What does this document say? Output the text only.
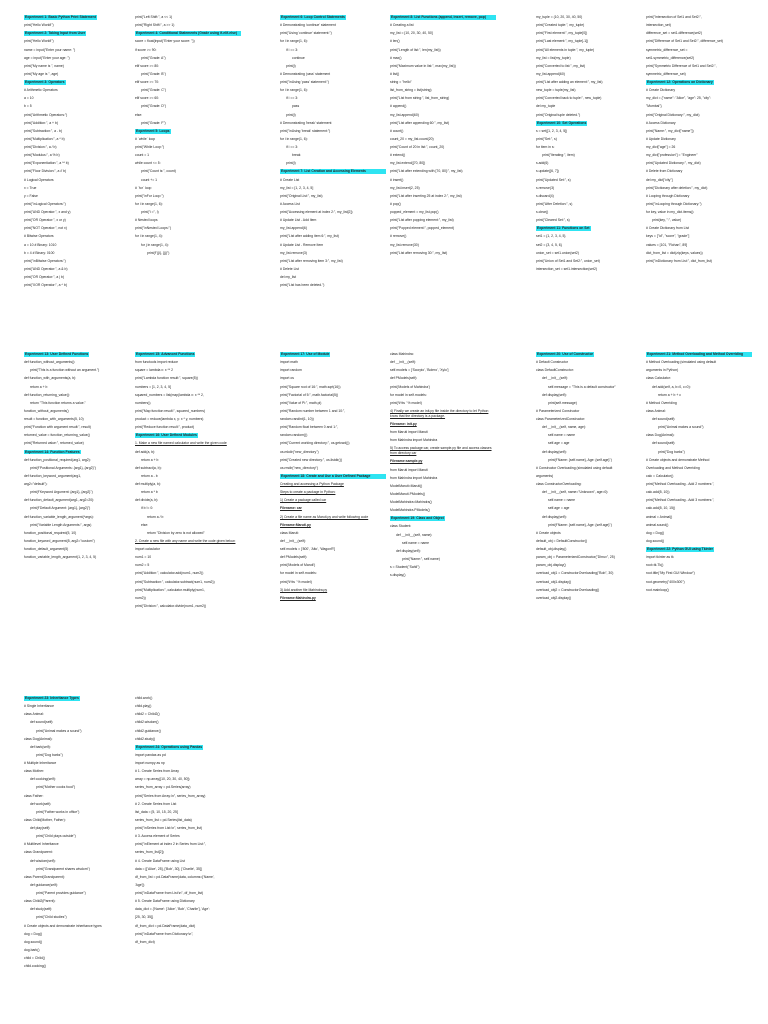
Experiment 1: Basic Python Print Statement

print("Hello World!")
Experiment 2: Taking Input from User

print("Hello World!")
name = input("Enter your name: ")
age = input("Enter your age: ")
print("My name is ", name)
print("My age is ", age)
Experiment 3: Operators

# Arithmetic Operators
a = 10
b = 5
print("Arithmetic Operators:")
print("Addition:", a + b)
print("Subtraction:", a - b)
print("Multiplication:", a * b)
print("Division:", a / b)
print("Modulus:", a % b)
print("Exponentiation:", a ** b)
print("Floor Division:", a // b)
# Logical Operators
x = True
y = False
print("\nLogical Operators:")
print("AND Operator:", x and y)
print("OR Operator:", x or y)
print("NOT Operator:", not x)
# Bitwise Operators
a = 10 # Binary: 1010
b = 4 # Binary: 0100
print("\nBitwise Operators:")
print("AND Operator:", a & b)
print("OR Operator:", a | b)
print("XOR Operator:", a ^ b)
print("Left Shift:", a << 1)
print("Right Shift:", a >> 1)
Experiment 4: Conditional Statements (Grade using if-elif-else)
score = float(input("Enter your score: "))
if score >= 90:
print("Grade: A")
elif score >= 80:
print("Grade: B")
elif score >= 70:
print("Grade: C")
elif score >= 60:
print("Grade: D")
else:
print("Grade: F")
Experiment 5: Loops

# `while` loop
print("While Loop:")
count = 1
while count <= 5:
print("Count is:", count)
count += 1
# `for` loop
print("\nFor Loop:")
for i in range(1, 6):
print("i =", i)
# Nested loops
print("\nNested Loops:")
for i in range(1, 4):
for j in range(1, 4):
print(f"({i}, {j})")
Experiment 6: Loop Control Statements

# Demonstrating 'continue' statement
print("Using 'continue' statement:")
for i in range(1, 6):
if i == 3:
continue
print(i)
# Demonstrating 'pass' statement
print("\nUsing 'pass' statement:")
for i in range(1, 6):
if i == 3:
pass
print(i)
# Demonstrating 'break' statement
print("\nUsing 'break' statement:")
for i in range(1, 6):
if i == 3:
break
print(i)
Experiment 7: List Creation and Accessing Elements
# Create List
my_list = [1, 2, 3, 4, 5]
print("Original List:", my_list)
# Access List
print("Accessing element at index 2:", my_list[2])
# Update List - Add Item
my_list.append(6)
print("List after adding item 6:", my_list)
# Update List - Remove Item
my_list.remove(3)
print("List after removing item 3:", my_list)
# Delete List
del my_list
print("List has been deleted.")
Experiment 8: List Functions (append, insert, remove, pop)
# Creating a list
my_list = [10, 20, 30, 40, 50]
# len()
print("Length of list:", len(my_list))
# max()
print("Maximum value in list:", max(my_list))
# list()
string = "hello"
list_from_string = list(string)
print("List from string:", list_from_string)
# append()
my_list.append(60)
print("List after appending 60:", my_list)
# count()
count_20 = my_list.count(20)
print("Count of 20 in list:", count_20)
# extend()
my_list.extend([70, 80])
print("List after extending with [70, 80]:", my_list)
# insert()
my_list.insert(2, 25)
print("List after inserting 25 at index 2:", my_list)
# pop()
popped_element = my_list.pop()
print("List after popping element:", my_list)
print("Popped element:", popped_element)
# remove()
my_list.remove(30)
print("List after removing 30:", my_list)
my_tuple = (10, 20, 30, 40, 50)
print("Created tuple:", my_tuple)
print("First element:", my_tuple[0])
print("Last element:", my_tuple[-1])
print("All elements in tuple:", my_tuple)
my_list = list(my_tuple)
print("Converted to list:", my_list)
my_list.append(60)
print("List after adding an element:", my_list)
new_tuple = tuple(my_list)
print("Converted back to tuple:", new_tuple)
del my_tuple
print("Original tuple deleted.")
Experiment 10: Set Operations

s = set([1, 2, 3, 4, 5])
print("Set:", s)
for item in s:
print("Iterating:", item)
s.add(6)
s.update([6, 7])
print("Updated Set:", s)
s.remove(3)
s.discard(4)
print("After Deletion:", s)
s.clear()
print("Cleared Set:", s)
Experiment 11: Functions on Set

set1 = {1, 2, 3, 4, 5}
set2 = {3, 4, 5, 6}
union_set = set1.union(set2)
print("Union of Set1 and Set2:", union_set)
intersection_set = set1.intersection(set2)
print("Intersection of Set1 and Set2:",
intersection_set)
difference_set = set1.difference(set2)
print("Difference of Set1 and Set2:", difference_set)
symmetric_difference_set =
set1.symmetric_difference(set2)
print("Symmetric Difference of Set1 and Set2:",
symmetric_difference_set)
Experiment 12: Operations on Dictionary

# Create Dictionary
my_dict = {"name": "Alice", "age": 25, "city":
"Mumbai"}
print("Original Dictionary:", my_dict)
# Access Dictionary
print("Name:", my_dict["name"])
# Update Dictionary
my_dict["age"] = 26
my_dict["profession"] = "Engineer"
print("Updated Dictionary:", my_dict)
# Delete from Dictionary
del my_dict["city"]
print("Dictionary after deletion:", my_dict)
# Looping through Dictionary
print("\nLooping through Dictionary:")
for key, value in my_dict.items():
print(key, ":", value)
# Create Dictionary from List
keys = ["id", "score", "grade"]
values = [101, "Rohan", 89]
dict_from_list = dict(zip(keys, values))
print("\nDictionary from List:", dict_from_list)
Experiment 13: User Defined Functions

def function_without_arguments():
print("This is a function without an argument.")
def function_with_arguments(a, b):
return a + b
def function_returning_value():
return "This function returns a value."
function_without_arguments()
result = function_with_arguments(5, 10)
print("Function with argument result:", result)
returned_value = function_returning_value()
print("Returned value:", returned_value)
Experiment 14: Function Features

def function_positional_required(arg1, arg2):
print(f"Positional Arguments: {arg1}, {arg2}")
def function_keyword_argument(arg1,
arg2="default"):
print(f"Keyword Argument: {arg1}, {arg2}")
def function_default_argument(arg1, arg2=20):
print(f"Default Argument: {arg1}, {arg2}")
def function_variable_length_argument(*args):
print("Variable Length Arguments:", args)
function_positional_required(5, 10)
function_keyword_argument(5, arg2="custom")
function_default_argument(5)
function_variable_length_argument(1, 2, 3, 4, 5)
Experiment 15: Advanced Functions

from functools import reduce
square = lambda x: x ** 2
print("Lambda function result:", square(5))
numbers = [1, 2, 3, 4, 5]
squared_numbers = list(map(lambda x: x ** 2,
numbers))
print("Map function result:", squared_numbers)
product = reduce(lambda x, y: x * y, numbers)
print("Reduce function result:", product)
Experiment 16: User Defined Modules

1. Make a new file named calculator and write the given code
def add(a, b):
return a + b
def subtract(a, b):
return a - b
def multiply(a, b):
return a * b
def divide(a, b):
if b != 0:
return a / b
else:
return "Division by zero is not allowed"
2. Create a new file with any name and write the code given below:
import calculator
num1 = 10
num2 = 5
print("Addition:", calculator.add(num1, num2))
print("Subtraction:", calculator.subtract(num1, num2))
print("Multiplication:", calculator.multiply(num1,
num2))
print("Division:", calculator.divide(num1, num2))
Experiment 17: Use of Module

import math
import random
import os
print("Square root of 16:", math.sqrt(16))
print("Factorial of 5:", math.factorial(5))
print("Value of Pi:", math.pi)
print("Random number between 1 and 10:",
random.randint(1, 10))
print("Random float between 0 and 1:",
random.random())
print("Current working directory:", os.getcwd())
os.mkdir("new_directory")
print("Created new directory:", os.listdir())
os.rmdir("new_directory")
Experiment 18: Create and Use a User Defined Package
Creating and accessing a Python Package
Steps to create a package in Python:
1) Create a package called car
Filename: car
2) Create a file name as Maruti.py and write following code
Filename:Maruti.py
class Maruti:
def __init__(self):
self.models = ['800', 'Alto', 'WagonR']
def PModels(self):
print('Models of Maruti')
for model in self.models:
print('\t%s ' % model)
3) Add another file Mahindra.py
Filename:Mahindra.py
class Mahindra:
def __init__(self):
self.models = ['Scorpio', 'Bolero', 'Xylo']
def PModels(self):
print('Models of Mahindra')
for model in self.models:
print('\t%s ' % model)
4) Finally we create an init.py file inside the directory to let Python know that the directory is a package.
Filename: init.py
from Maruti import Maruti
from Mahindra import Mahindra
5) To access package car, create sample.py file and access classes from directory car
Filename:sample.py
from Maruti import Maruti
from Mahindra import Mahindra
ModelMaruti=Maruti()
ModelMaruti.PModels()
ModelMahindra=Mahindra()
ModelMahindra.PModels()
Experiment 19: Class and Object

class Student:
def __init__(self, name):
self.name = name
def display(self):
print("Name:", self.name)
s = Student("Sahil")
s.display()
Experiment 20: Use of Constructor

# Default Constructor
class DefaultConstructor:
def __init__(self):
self.message = "This is a default constructor"
def display(self):
print(self.message)
# Parameterized Constructor
class ParameterizedConstructor:
def __init__(self, name, age):
self.name = name
self.age = age
def display(self):
print(f"Name: {self.name}, Age: {self.age}")
# Constructor Overloading (simulated using default
arguments)
class ConstructorOverloading:
def __init__(self, name="Unknown", age=0):
self.name = name
self.age = age
def display(self):
print(f"Name: {self.name}, Age: {self.age}")
# Create objects
default_obj = DefaultConstructor()
default_obj.display()
param_obj = ParameterizedConstructor("Dhruv", 25)
param_obj.display()
overload_obj1 = ConstructorOverloading("Bob", 30)
overload_obj1.display()
overload_obj2 = ConstructorOverloading()
overload_obj2.display()
Experiment 21: Method Overloading and Method Overriding
# Method Overloading (simulated using default
arguments in Python)
class Calculator:
def add(self, a, b=0, c=0):
return a + b + c
# Method Overriding
class Animal:
def sound(self):
print("Animal makes a sound")
class Dog(Animal):
def sound(self):
print("Dog barks")
# Create objects and demonstrate Method
Overloading and Method Overriding
calc = Calculator()
print("Method Overloading - Add 2 numbers:",
calc.add(5, 10))
print("Method Overloading - Add 3 numbers:",
calc.add(5, 10, 15))
animal = Animal()
animal.sound()
dog = Dog()
dog.sound()
Experiment 22: Python GUI using Tkinter

import tkinter as tk
root=tk.Tk()
root.title("My First GUI Window")
root.geometry("400x300")
root.mainloop()
Experiment 23: Inheritance Types

# Single Inheritance
class Animal:
def sound(self):
print("Animal makes a sound")
class Dog(Animal):
def bark(self):
print("Dog barks")
# Multiple Inheritance
class Mother:
def cooking(self):
print("Mother cooks food")
class Father:
def work(self):
print("Father works in office")
class Child(Mother, Father):
def play(self):
print("Child plays outside")
# Multilevel Inheritance
class Grandparent:
def wisdom(self):
print("Grandparent shares wisdom")
class Parent(Grandparent):
def guidance(self):
print("Parent provides guidance")
class Child2(Parent):
def study(self):
print("Child studies")
# Create objects and demonstrate inheritance types
dog = Dog()
dog.sound()
dog.bark()
child = Child()
child.cooking()
child.work()
child.play()
child2 = Child2()
child2.wisdom()
child2.guidance()
child2.study()
Experiment 24: Operations using Pandas

import pandas as pd
import numpy as np
# 1. Create Series from Array
array = np.array([10, 20, 30, 40, 50])
series_from_array = pd.Series(array)
print("Series from Array:\n", series_from_array)
# 2. Create Series from List
list_data = [5, 10, 15, 20, 25]
series_from_list = pd.Series(list_data)
print("\nSeries from List:\n", series_from_list)
# 3. Access element of Series
print("\nElement at index 2 in Series from List:",
series_from_list[2])
# 4. Create DataFrame using List
data = [['Alice', 25], ['Bob', 30], ['Charlie', 35]]
df_from_list = pd.DataFrame(data, columns=['Name',
'Age'])
print("\nDataFrame from List:\n", df_from_list)
# 5. Create DataFrame using Dictionary
data_dict = {'Name': ['Alice', 'Bob', 'Charlie'], 'Age':
[25, 30, 35]}
df_from_dict = pd.DataFrame(data_dict)
print("\nDataFrame from Dictionary:\n",
df_from_dict)
